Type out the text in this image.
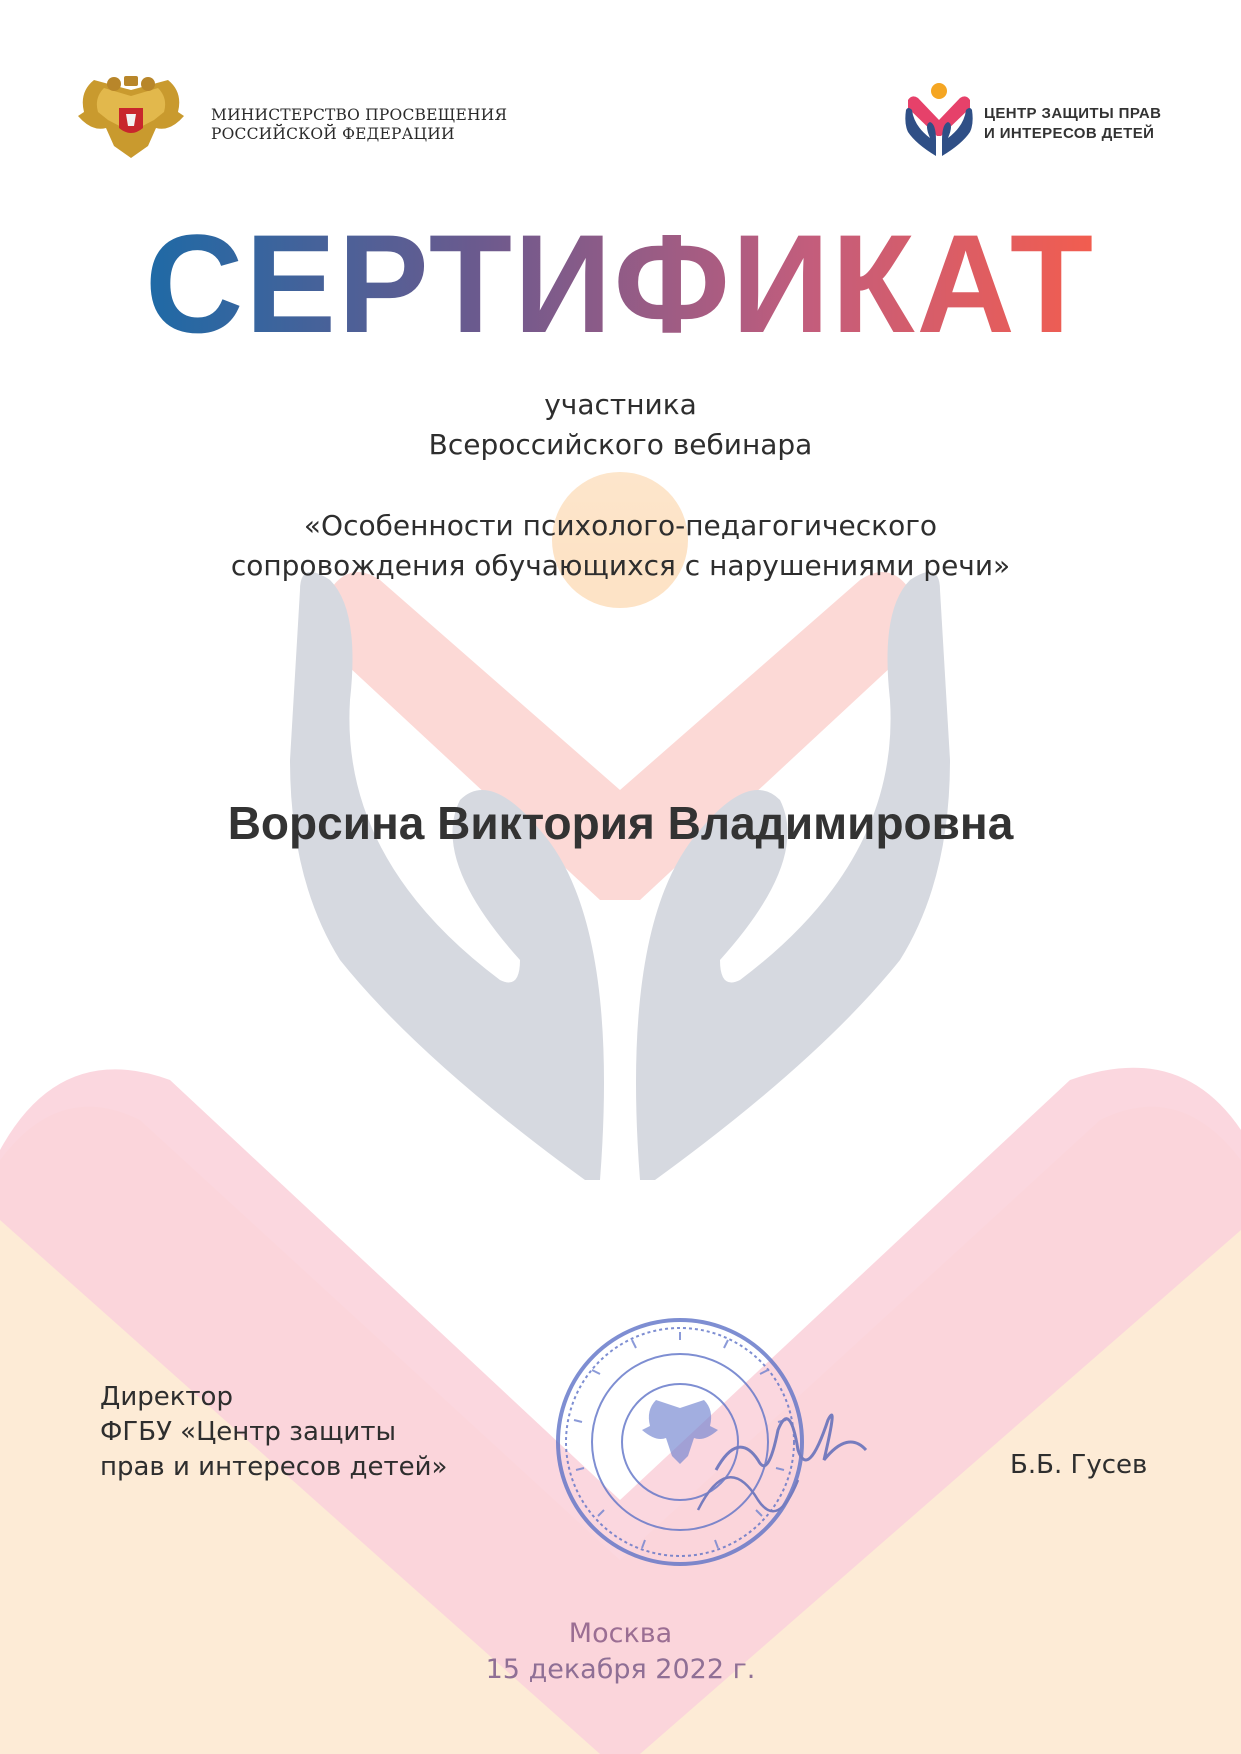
МИНИСТЕРСТВО ПРОСВЕЩЕНИЯ
РОССИЙСКОЙ ФЕДЕРАЦИИ
ЦЕНТР ЗАЩИТЫ ПРАВ
И ИНТЕРЕСОВ ДЕТЕЙ
СЕРТИФИКАТ
участника
Всероссийского вебинара
«Особенности психолого-педагогического
сопровождения обучающихся с нарушениями речи»
Ворсина Виктория Владимировна
Директор
ФГБУ «Центр защиты
прав и интересов детей»	Б.Б. Гусев
Москва
15 декабря 2022 г.
